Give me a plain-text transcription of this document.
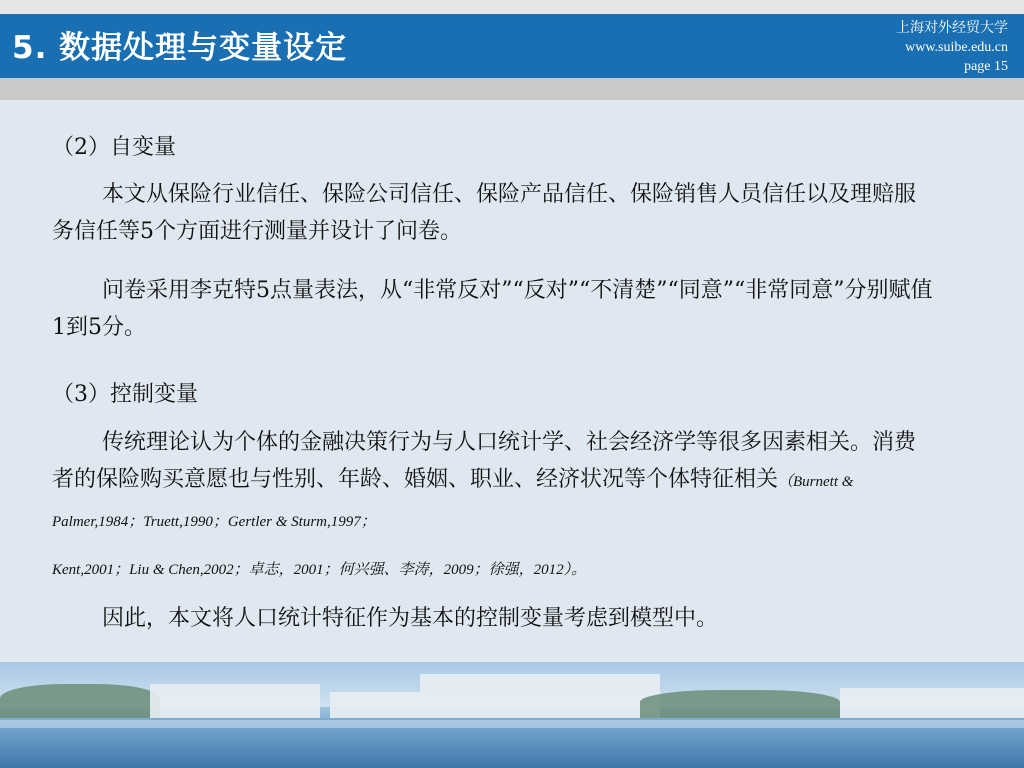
5. 数据处理与变量设定
上海对外经贸大学
www.suibe.edu.cn
page 15
（2）自变量
本文从保险行业信任、保险公司信任、保险产品信任、保险销售人员信任以及理赔服务信任等5个方面进行测量并设计了问卷。
问卷采用李克特5点量表法，从“非常反对”“反对”“不清楚”“同意”“非常同意”分别赋值1到5分。
（3）控制变量
传统理论认为个体的金融决策行为与人口统计学、社会经济学等很多因素相关。消费者的保险购买意愿也与性别、年龄、婚姻、职业、经济状况等个体特征相关（Burnett & Palmer,1984；Truett,1990；Gertler & Sturm,1997；
Kent,2001；Liu & Chen,2002；卓志，2001；何兴强、李涛，2009；徐强，2012）。
因此，本文将人口统计特征作为基本的控制变量考虑到模型中。
